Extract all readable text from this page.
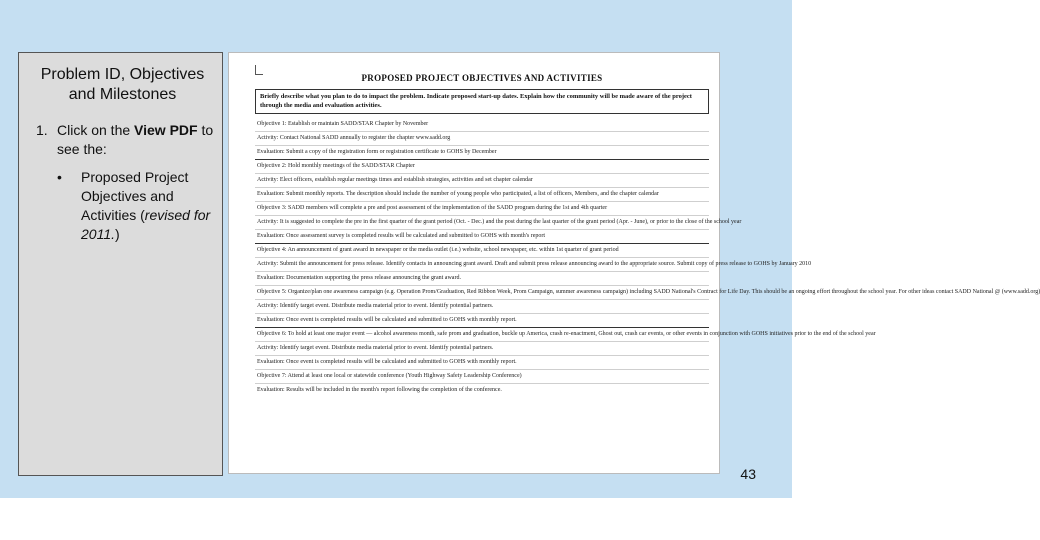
Problem ID, Objectives and Milestones
1. Click on the View PDF to see the:
•	Proposed Project Objectives and Activities (revised for 2011.)
PROPOSED PROJECT OBJECTIVES AND ACTIVITIES
Briefly describe what you plan to do to impact the problem. Indicate proposed start-up dates. Explain how the community will be made aware of the project through the media and evaluation activities.
Objective 1: Establish or maintain SADD/STAR Chapter by November
Activity: Contact National SADD annually to register the chapter www.sadd.org
Evaluation: Submit a copy of the registration form or registration certificate to GOHS by December
Objective 2: Hold monthly meetings of the SADD/STAR Chapter
Activity: Elect officers, establish regular meetings times and establish strategies, activities and set chapter calendar
Evaluation: Submit monthly reports. The description should include the number of young people who participated, a list of officers, Members, and the chapter calendar
Objective 3: SADD members will complete a pre and post assessment of the implementation of the SADD program during the 1st and 4th quarter
Activity: It is suggested to complete the pre in the first quarter of the grant period (Oct. - Dec.) and the post during the last quarter of the grant period (Apr. - June), or prior to the close of the school year
Evaluation: Once assessment survey is completed results will be calculated and submitted to GOHS with month's report
Objective 4: An announcement of grant award in newspaper or the media outlet (i.e.) website, school newspaper, etc. within 1st quarter of grant period
Activity: Submit the announcement for press release. Identify contacts in announcing grant award. Draft and submit press release announcing award to the appropriate source. Submit copy of press release to GOHS by January 2010
Evaluation: Documentation supporting the press release announcing the grant award.
Objective 5: Organize/plan one awareness campaign (e.g. Operation Prom/Graduation, Red Ribbon Week, Prom Campaign, summer awareness campaign) including SADD National's Contract for Life Day. This should be an ongoing effort throughout the school year. For other ideas contact SADD National @ (www.sadd.org)
Activity: Identify target event. Distribute media material prior to event. Identify potential partners.
Evaluation: Once event is completed results will be calculated and submitted to GOHS with monthly report.
Objective 6: To hold at least one major event — alcohol awareness month, safe prom and graduation, buckle up America, crash re-enactment, Ghost out, crash car events, or other events in conjunction with GOHS initiatives prior to the end of the school year
Activity: Identify target event. Distribute media material prior to event. Identify potential partners.
Evaluation: Once event is completed results will be calculated and submitted to GOHS with monthly report.
Objective 7: Attend at least one local or statewide conference (Youth Highway Safety Leadership Conference)
Evaluation: Results will be included in the month's report following the completion of the conference.
43
